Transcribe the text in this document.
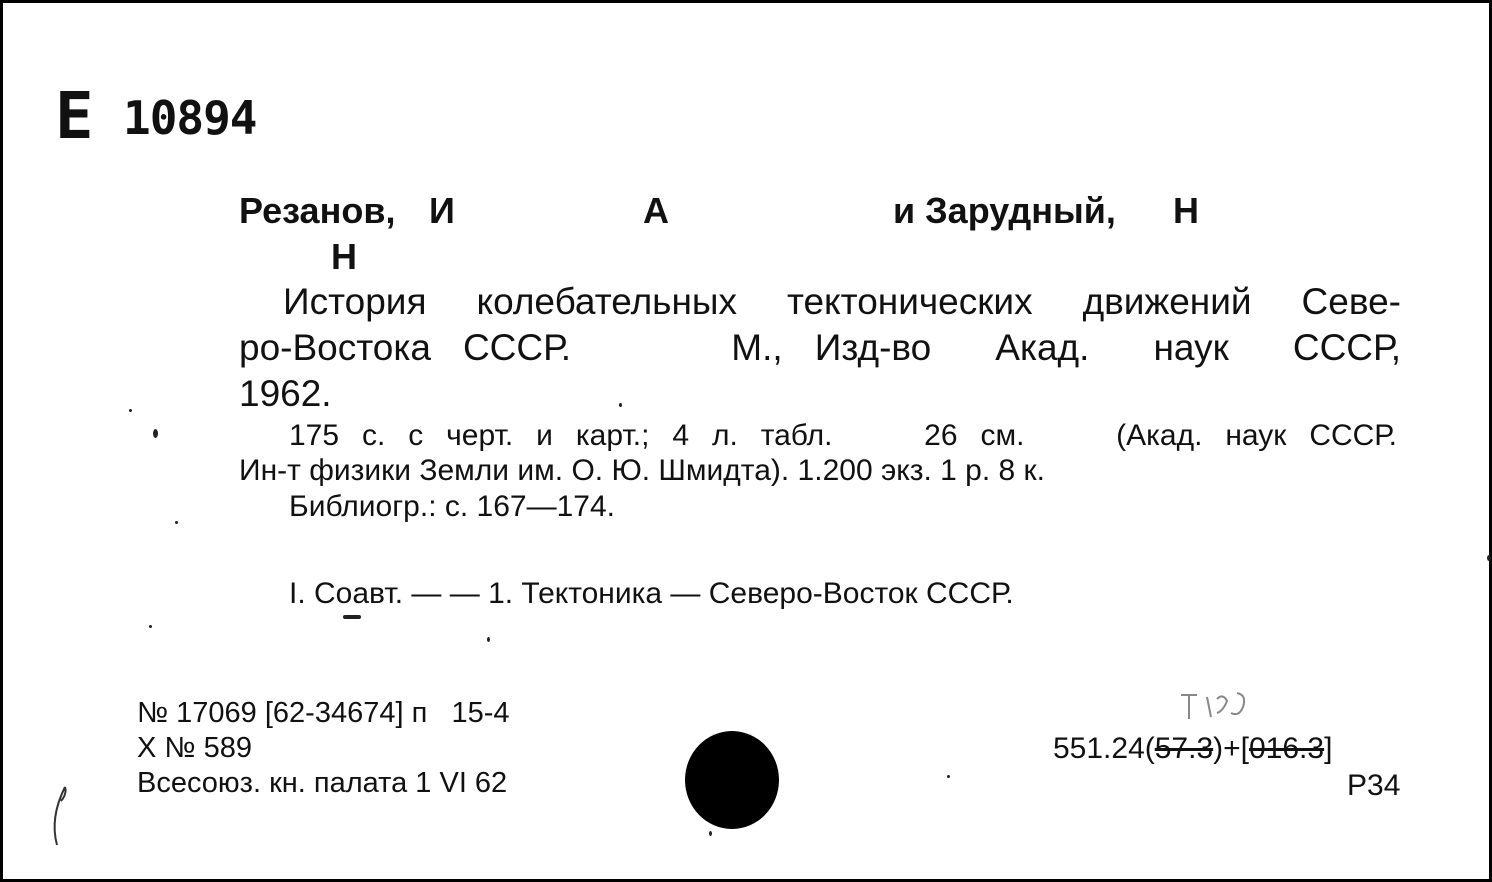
Е 10894
Резанов, И	А	и Зарудный, Н
Н
История колебательных тектонических движений Севе-
ро-Востока СССР.     М., Изд-во  Акад.  наук  СССР,
1962.
175 с. с черт. и карт.; 4 л. табл.    26 см.    (Акад. наук СССР.
Ин-т физики Земли им. О. Ю. Шмидта). 1.200 экз. 1 р. 8 к.
Библиогр.: с. 167—174.
I. Соавт. — — 1. Тектоника — Северо-Восток СССР.
№ 17069 [62-34674] п   15-4
Х № 589
Всесоюз. кн. палата 1 VI 62
551.24(57.3)+[016.3]
Р34
